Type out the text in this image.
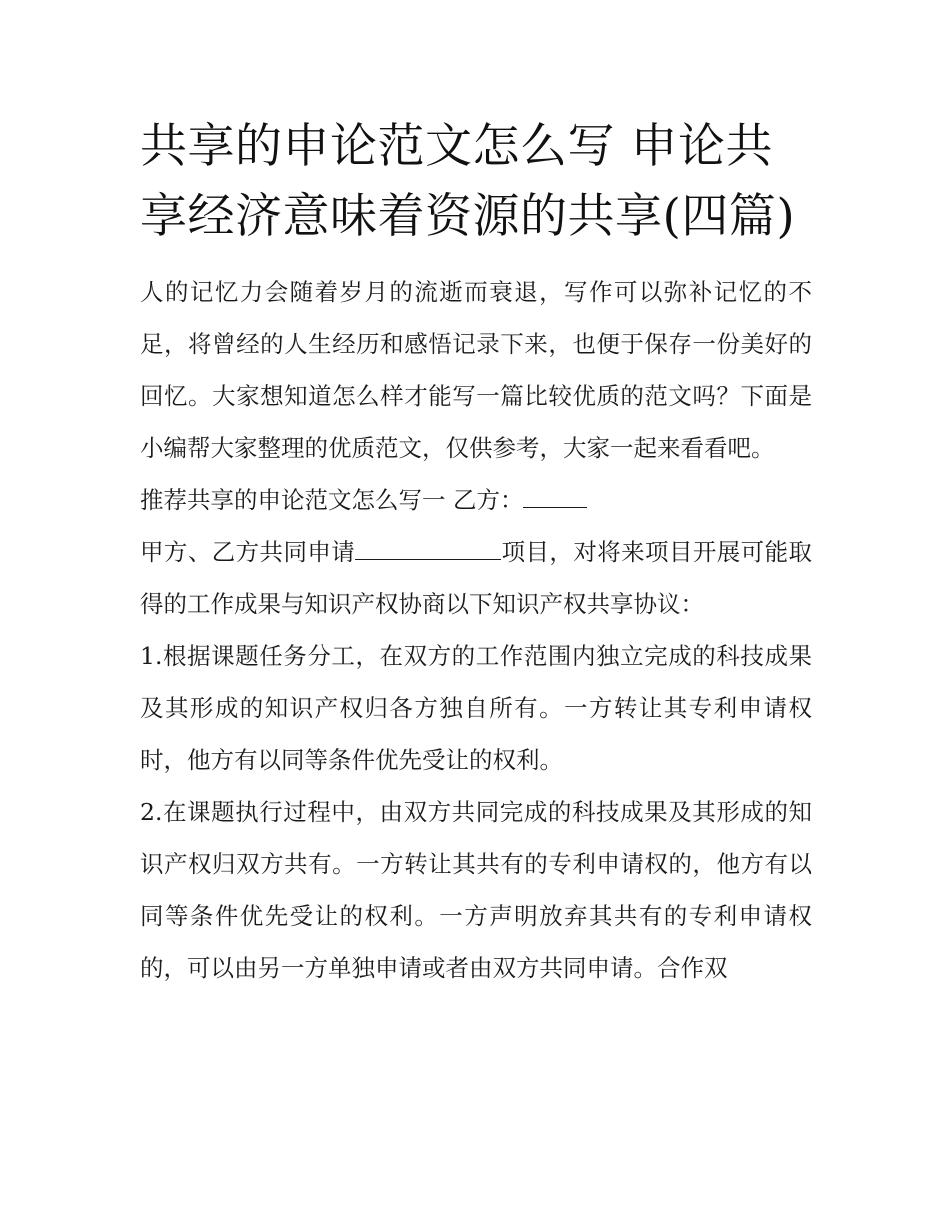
共享的申论范文怎么写 申论共享经济意味着资源的共享(四篇)

人的记忆力会随着岁月的流逝而衰退，写作可以弥补记忆的不足，将曾经的人生经历和感悟记录下来，也便于保存一份美好的回忆。大家想知道怎么样才能写一篇比较优质的范文吗？下面是小编帮大家整理的优质范文，仅供参考，大家一起来看看吧。

推荐共享的申论范文怎么写一 乙方：

甲方、乙方共同申请	项目，对将来项目开展可能取得的工作成果与知识产权协商以下知识产权共享协议：

1.根据课题任务分工，在双方的工作范围内独立完成的科技成果及其形成的知识产权归各方独自所有。一方转让其专利申请权时，他方有以同等条件优先受让的权利。

2.在课题执行过程中，由双方共同完成的科技成果及其形成的知识产权归双方共有。一方转让其共有的专利申请权的，他方有以同等条件优先受让的权利。一方声明放弃其共有的专利申请权的，可以由另一方单独申请或者由双方共同申请。合作双
